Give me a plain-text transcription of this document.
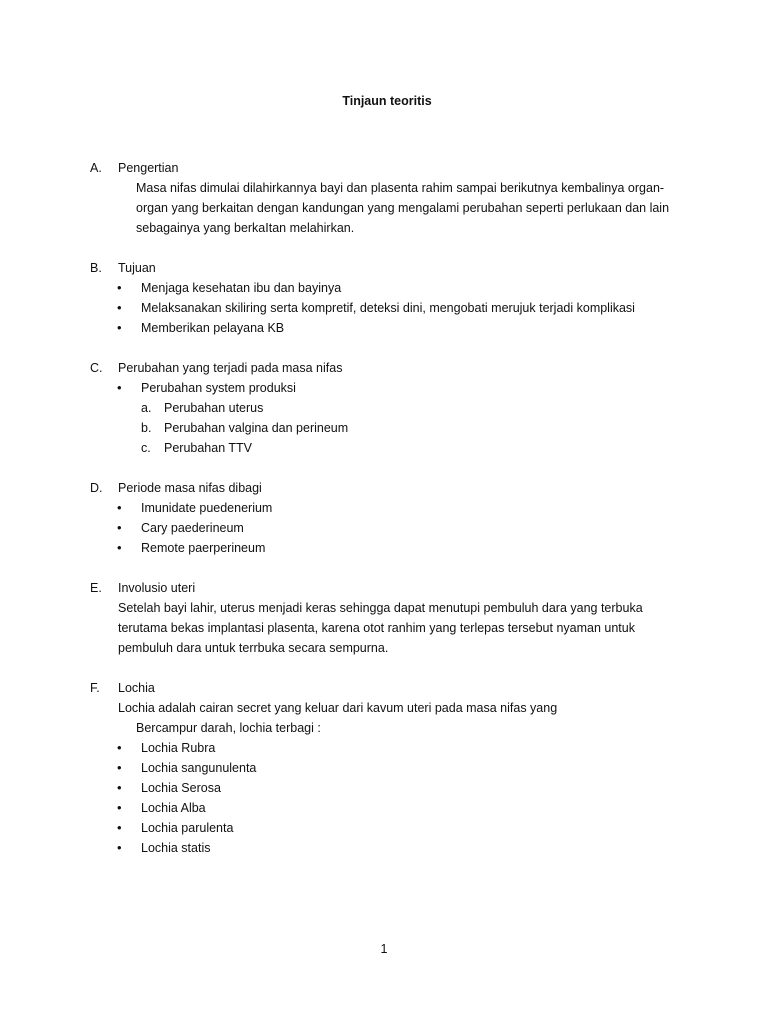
Tinjaun teoritis
A. Pengertian
Masa nifas dimulai dilahirkannya bayi dan plasenta rahim sampai berikutnya kembalinya organ-
organ yang berkaitan dengan kandungan yang mengalami perubahan seperti perlukaan dan lain
sebagainya yang berkaItan melahirkan.
B. Tujuan
• Menjaga kesehatan ibu dan bayinya
• Melaksanakan skiliring serta kompretif, deteksi dini, mengobati merujuk terjadi komplikasi
• Memberikan pelayana KB
C. Perubahan yang terjadi pada masa nifas
• Perubahan system produksi
a. Perubahan uterus
b. Perubahan valgina dan perineum
c. Perubahan TTV
D. Periode masa nifas dibagi
• Imunidate puedenerium
• Cary paederineum
• Remote paerperineum
E. Involusio uteri
Setelah bayi lahir, uterus menjadi keras sehingga dapat menutupi pembuluh dara yang terbuka
terutama bekas implantasi plasenta, karena otot ranhim yang terlepas tersebut nyaman untuk
pembuluh dara untuk terrbuka secara sempurna.
F. Lochia
Lochia adalah cairan secret yang keluar dari kavum uteri pada masa nifas yang
Bercampur darah, lochia terbagi :
• Lochia Rubra
• Lochia sangunulenta
• Lochia Serosa
• Lochia Alba
• Lochia parulenta
• Lochia statis
1
